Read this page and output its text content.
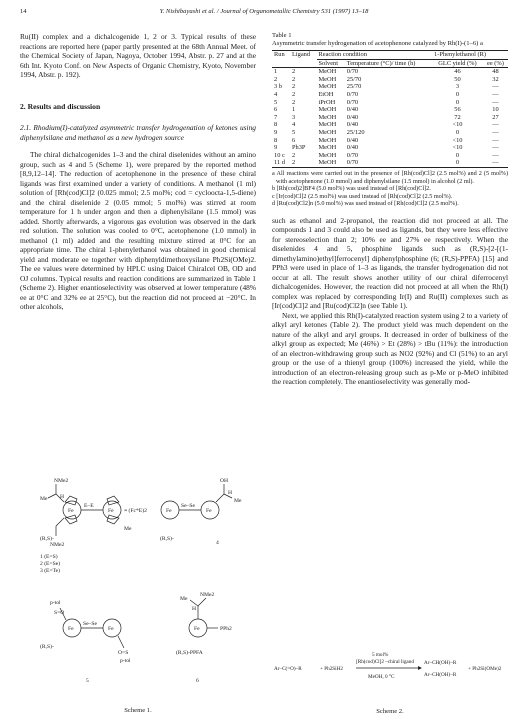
14	Y. Nishibayashi et al. / Journal of Organometallic Chemistry 531 (1997) 13–18

Ru(II) complex and a dichalcogenide 1, 2 or 3. Typical results of these reactions are reported here (paper partly presented at the 68th Annual Meet. of the Chemical Society of Japan, Nagoya, October 1994, Abstr. p. 27 and at the 6th Int. Kyoto Conf. on New Aspects of Organic Chemistry, Kyoto, November 1994, Abstr. p. 192).

2. Results and discussion

2.1. Rhodium(I)-catalyzed asymmetric transfer hydrogenation of ketones using diphenylsilane and methanol as a new hydrogen source

The chiral dichalcogenides 1–3 and the chiral diselenides without an amino group, such as 4 and 5 (Scheme 1), were prepared by the reported method [8,9,12–14]. The reduction of acetophenone in the presence of these chiral ligands was first examined under a variety of conditions. A methanol (1 ml) solution of [Rh(cod)Cl]2 (0.025 mmol; 2.5 mol%; cod = cycloocta-1,5-diene) and the chiral diselenide 2 (0.05 mmol; 5 mol%) was stirred at room temperature for 1 h under argon and then a diphenylsilane (1.5 mmol) was added. Shortly afterwards, a vigorous gas evolution was observed in the dark red solution. The solution was cooled to 0°C, acetophenone (1.0 mmol) in methanol (1 ml) added and the resulting mixture stirred at 0°C for an appropriate time. The chiral 1-phenylethanol was obtained in good chemical yield and moderate ee together with diphenyldimethoxysilane Ph2Si(OMe)2. The ee values were determined by HPLC using Daicel Chiralcel OB, OD and OJ columns. Typical results and reaction conditions are summarized in Table 1 (Scheme 2). Higher enantioselectivity was observed at lower temperature (48% ee at 0°C and 32% ee at 25°C), but the reaction did not proceed at −20°C. In other alcohols,

Table 1
Asymmetric transfer hydrogenation of acetophenone catalyzed by Rh(I)-(1–6) a
Run	Ligand	Reaction condition		1-Phenylethanol (R)	
		Solvent	Temperature (°C)/ time (h)	GLC yield (%)	ee (%)
1	2	MeOH	0/70	46	48
2	2	MeOH	25/70	50	32
3 b	2	MeOH	25/70	3	—
4	2	EtOH	0/70	0	—
5	2	iPrOH	0/70	0	—
6	1	MeOH	0/40	56	10
7	3	MeOH	0/40	72	27
8	4	MeOH	0/40	<10	—
9	5	MeOH	25/120	0	—
8	6	MeOH	0/40	<10	—
9	Ph3P	MeOH	0/40	<10	—
10 c	2	MeOH	0/70	0	—
11 d	2	MeOH	0/70	0	—
a All reactions were carried out in the presence of [Rh(cod)Cl]2 (2.5 mol%) and 2 (5 mol%) with acetophenone (1.0 mmol) and diphenylsilane (1.5 mmol) in alcohol (2 ml).
b [Rh(cod)2]BF4 (5.0 mol%) was used instead of [Rh(cod)Cl]2.
c [Ir(cod)Cl]2 (2.5 mol%) was used instead of [Rh(cod)Cl]2 (2.5 mol%).
d [Ru(cod)Cl2]n (5.0 mol%) was used instead of [Rh(cod)Cl]2 (2.5 mol%).

such as ethanol and 2-propanol, the reaction did not proceed at all. The compounds 1 and 3 could also be used as ligands, but they were less effective for stereoselection than 2; 10% ee and 27% ee respectively. When the diselenides 4 and 5, phosphine ligands such as (R,S)-[2-[(1-dimethylamino)ethyl]ferrocenyl] diphenylphosphine (6; (R,S)-PPFA) [15] and PPh3 were used in place of 1–3 as ligands, the transfer hydrogenation did not occur at all. The result shows another utility of our chiral diferrocenyl dichalcogenides. However, the reaction did not proceed at all when the Rh(I) complex was replaced by corresponding Ir(I) and Ru(II) complexes such as [Ir(cod)Cl]2 and [Ru(cod)Cl2]n (see Table 1).

Next, we applied this Rh(I)-catalyzed reaction system using 2 to a variety of alkyl aryl ketones (Table 2). The product yield was much dependent on the nature of the alkyl and aryl groups. It decreased in order of bulkiness of the alkyl group as expected; Me (46%) > Et (28%) > tBu (11%): the introduction of an electron-withdrawing group such as NO2 (92%) and Cl (51%) to an aryl group or the use of a thienyl group (100%) increased the yield, while the introduction of an electron-releasing group such as p-Me or p-MeO inhibited the reaction completely. The enantioselectivity was generally mod-

NMe2
Me H
Fe	Fe
E–E
≡ (Fc*E)2
Me
(R,S)-
NMe2
Fe	Fe
Se–Se
OH
H
Me
(R,S)-
4
1 (E=S) 2 (E=Se) 3 (E=Te)
p-tol
S=O
Fe	Fe
Se–Se
O=S
(R,S)-
p-tol
5
NMe2
Me
H
Fe	PPh2
(R,S)-PPFA
6
Scheme 1.
Ar–C(=O)–R	+ Ph2SiH2
5 mol%
[Rh(cod)Cl]2 –chiral ligand
MeOH, 0 °C
Ar–CH(OH)–R
Ar–CH(OH)–R
+ Ph2Si(OMe)2
Scheme 2.
